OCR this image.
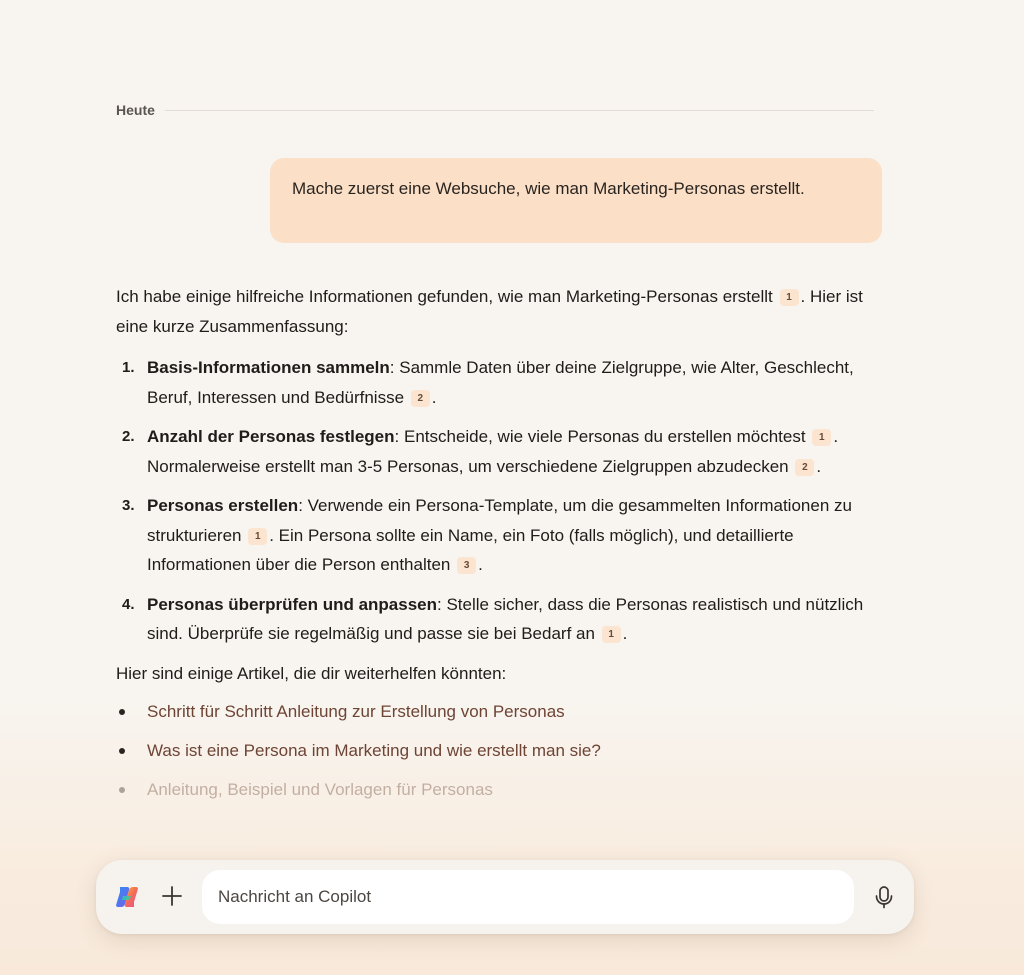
Heute
Mache zuerst eine Websuche, wie man Marketing-Personas erstellt.

Ich habe einige hilfreiche Informationen gefunden, wie man Marketing-Personas erstellt 1 . Hier ist eine kurze Zusammenfassung:

1. Basis-Informationen sammeln: Sammle Daten über deine Zielgruppe, wie Alter, Geschlecht, Beruf, Interessen und Bedürfnisse 2 .
2. Anzahl der Personas festlegen: Entscheide, wie viele Personas du erstellen möchtest 1 . Normalerweise erstellt man 3-5 Personas, um verschiedene Zielgruppen abzudecken 2 .
3. Personas erstellen: Verwende ein Persona-Template, um die gesammelten Informationen zu strukturieren 1 . Ein Persona sollte ein Name, ein Foto (falls möglich), und detaillierte Informationen über die Person enthalten 3 .
4. Personas überprüfen und anpassen: Stelle sicher, dass die Personas realistisch und nützlich sind. Überprüfe sie regelmäßig und passe sie bei Bedarf an 1 .

Hier sind einige Artikel, die dir weiterhelfen könnten:

Schritt für Schritt Anleitung zur Erstellung von Personas
Was ist eine Persona im Marketing und wie erstellt man sie?
Anleitung, Beispiel und Vorlagen für Personas
Nachricht an Copilot
